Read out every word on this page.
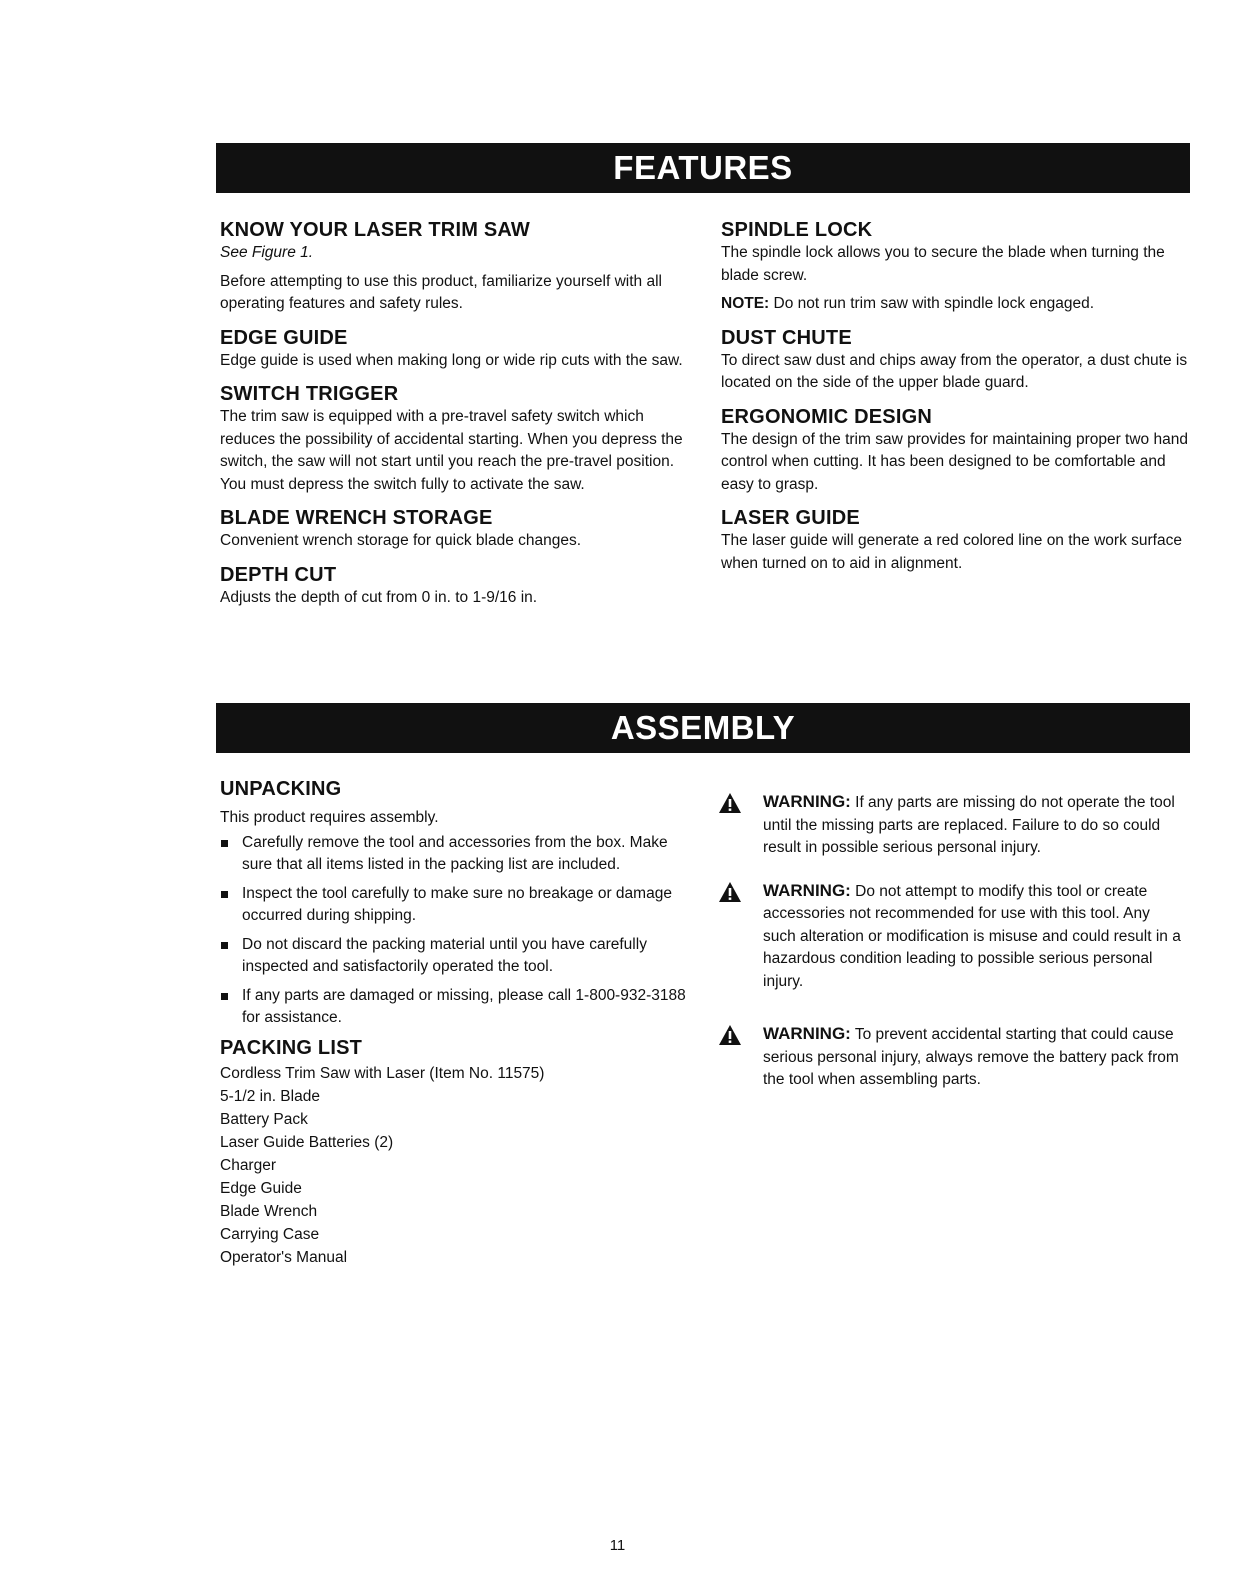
FEATURES
KNOW YOUR LASER TRIM SAW

See Figure 1.

Before attempting to use this product, familiarize yourself with all operating features and safety rules.

EDGE GUIDE

Edge guide is used when making long or wide rip cuts with the saw.

SWITCH TRIGGER

The trim saw is equipped with a pre-travel safety switch which reduces the possibility of accidental starting. When you depress the switch, the saw will not start until you reach the pre-travel position. You must depress the switch fully to activate the saw.

BLADE WRENCH STORAGE

Convenient wrench storage for quick blade changes.

DEPTH CUT

Adjusts the depth of cut from 0 in. to 1-9/16 in.

SPINDLE LOCK

The spindle lock allows you to secure the blade when turning the blade screw.

NOTE: Do not run trim saw with spindle lock engaged.

DUST CHUTE

To direct saw dust and chips away from the operator, a dust chute is located on the side of the upper blade guard.

ERGONOMIC DESIGN

The design of the trim saw provides for maintaining proper two hand control when cutting. It has been designed to be comfortable and easy to grasp.

LASER GUIDE

The laser guide will generate a red colored line on the work surface when turned on to aid in alignment.

ASSEMBLY
UNPACKING

This product requires assembly.

Carefully remove the tool and accessories from the box. Make sure that all items listed in the packing list are included.
Inspect the tool carefully to make sure no breakage or damage occurred during shipping.
Do not discard the packing material until you have carefully inspected and satisfactorily operated the tool.
If any parts are damaged or missing, please call 1-800-932-3188 for assistance.
PACKING LIST
Cordless Trim Saw with Laser (Item No. 11575)
5-1/2 in. Blade
Battery Pack
Laser Guide Batteries (2)
Charger
Edge Guide
Blade Wrench
Carrying Case
Operator's Manual
WARNING: If any parts are missing do not operate the tool until the missing parts are replaced. Failure to do so could result in possible serious personal injury.
WARNING: Do not attempt to modify this tool or create accessories not recommended for use with this tool. Any such alteration or modification is misuse and could result in a hazardous condition leading to possible serious personal injury.
WARNING: To prevent accidental starting that could cause serious personal injury, always remove the battery pack from the tool when assembling parts.
11
